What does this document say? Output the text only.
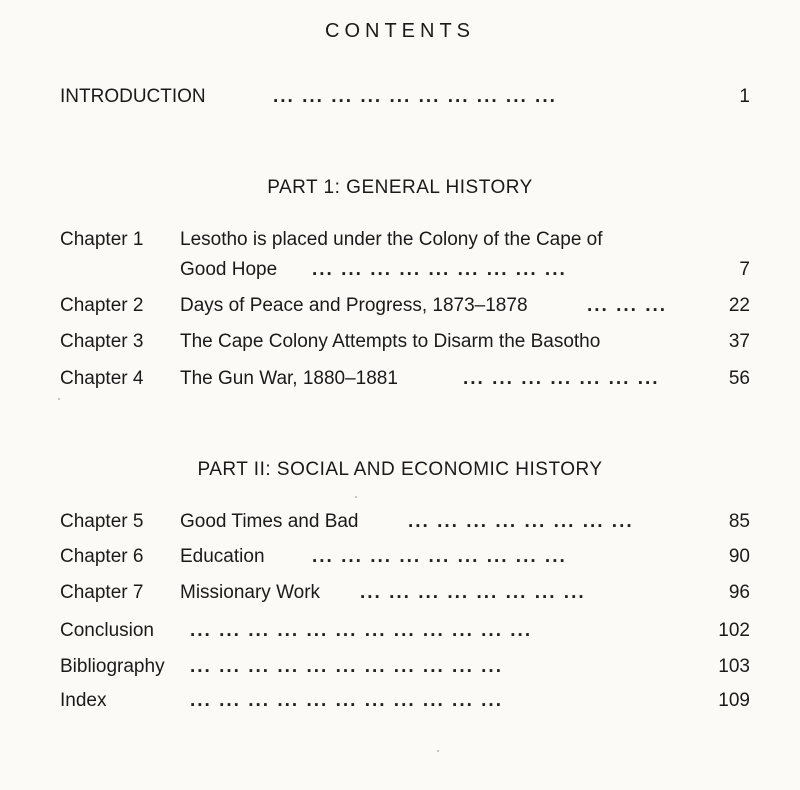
CONTENTS
INTRODUCTION	... ... ... ... ... ... ... ... ... ...	1
PART 1: GENERAL HISTORY
Chapter 1 Lesotho is placed under the Colony of the Cape of
Good Hope ... ... ... ... ... ... ... ... ...	7
Chapter 2 Days of Peace and Progress, 1873–1878	... ... ...	22
Chapter 3 The Cape Colony Attempts to Disarm the Basotho	37
Chapter 4 The Gun War, 1880–1881	... ... ... ... ... ... ...	56
PART II: SOCIAL AND ECONOMIC HISTORY
Chapter 5 Good Times and Bad	... ... ... ... ... ... ... ...	85
Chapter 6 Education ... ... ... ... ... ... ... ... ...	90
Chapter 7 Missionary Work ... ... ... ... ... ... ... ...	96
Conclusion ... ... ... ... ... ... ... ... ... ... ... ...	102
Bibliography ... ... ... ... ... ... ... ... ... ... ...	103
Index	... ... ... ... ... ... ... ... ... ... ...	109
